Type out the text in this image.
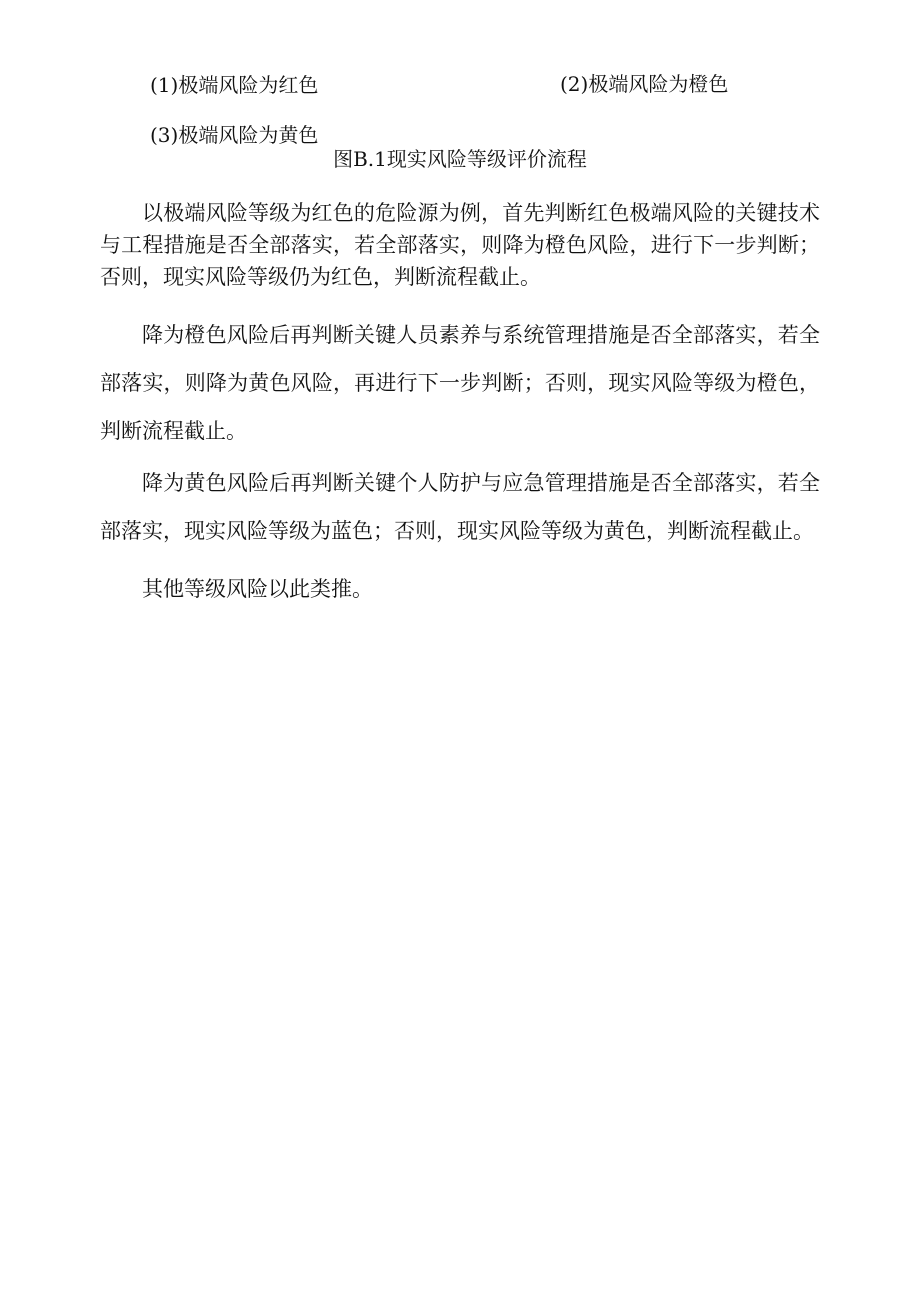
(1)极端风险为红色	(2)极端风险为橙色
(3)极端风险为黄色
图B.1现实风险等级评价流程

以极端风险等级为红色的危险源为例，首先判断红色极端风险的关键技术与工程措施是否全部落实，若全部落实，则降为橙色风险，进行下一步判断；否则，现实风险等级仍为红色，判断流程截止。

降为橙色风险后再判断关键人员素养与系统管理措施是否全部落实，若全部落实，则降为黄色风险，再进行下一步判断；否则，现实风险等级为橙色，判断流程截止。

降为黄色风险后再判断关键个人防护与应急管理措施是否全部落实，若全部落实，现实风险等级为蓝色；否则，现实风险等级为黄色，判断流程截止。

其他等级风险以此类推。
